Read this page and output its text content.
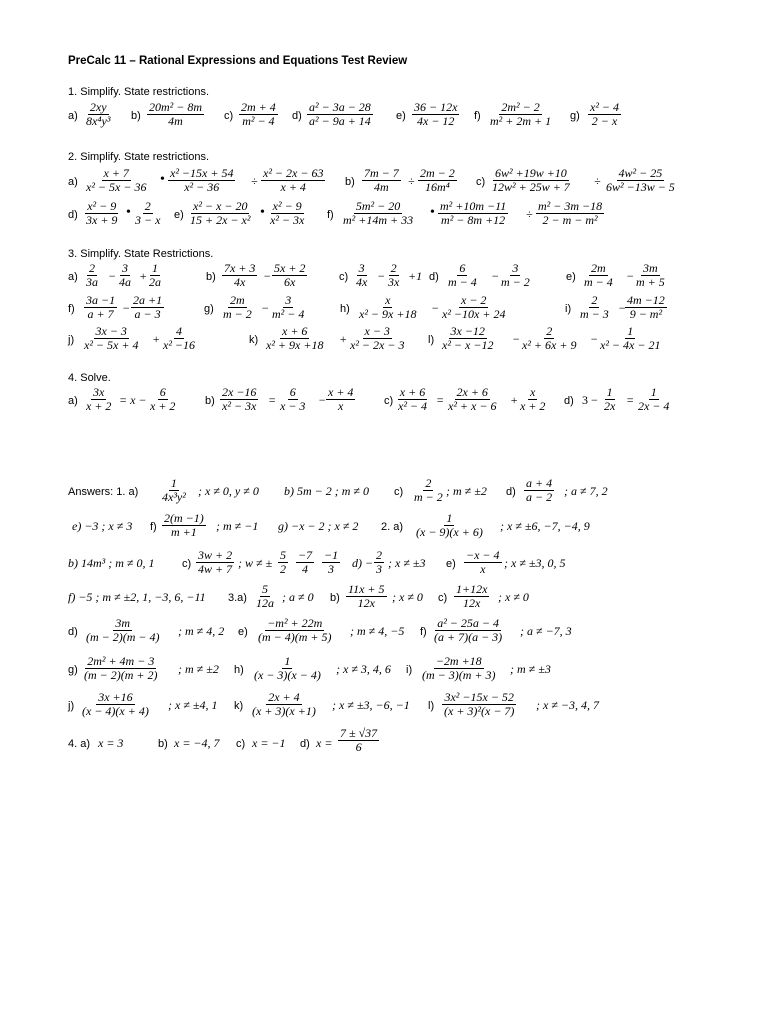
PreCalc 11 – Rational Expressions and Equations Test Review
1. Simplify. State restrictions.
$a) \frac{2xy}{\text{8x⁴y³}} b) \frac{\text{20m² − 8m}}{4m} c) \frac{2m + 4}{\text{m² − 4}} d) \frac{\text{a² − 3a − 28}}{\text{a² − 9a + 14}} e) \frac{36 - 12x}{4x - 12} f) \frac{\text{2m² − 2}}{\text{m² + 2m + 1}} g) \frac{\text{x² − 4}}{2 - x}$
2. Simplify. State restrictions.
$a) \frac{x + 7}{\text{x² − 5x − 36}}$ • $\frac{\text{x² −15x + 54}}{\text{x² − 36}} \div \frac{\text{x² − 2x − 63}}{x + 4} b) \frac{7m - 7}{4m} \div \frac{2m - 2}{\text{16m⁴}} c) \frac{\text{6w² +19w +10}}{\text{12w² + 25w + 7}} \div \frac{\text{4w² − 25}}{\text{6w² −13w − 5}}$
$d) \frac{\text{x² − 9}}{3x + 9}$ • $\frac{2}{3 - x} e) \frac{\text{x² − x − 20}}{\text{15 + 2x − x²}}$ • $\frac{\text{x² − 9}}{\text{x² − 3x}} f) \frac{\text{5m² − 20}}{\text{m² +14m + 33}}$ • $\frac{\text{m² +10m −11}}{\text{m² − 8m +12}} \div \frac{\text{m² − 3m −18}}{\text{2 − m − m²}}$
3. Simplify. State Restrictions.
$a) \frac{2}{3a} - \frac{3}{4a} + \frac{1}{2a}$	$b) \frac{7x + 3}{4x} - \frac{5x + 2}{6x}$	$c) \frac{3}{4x} - \frac{2}{3x} +1$ $d) \frac{6}{m - 4} - \frac{3}{m - 2}$	$e) \frac{2m}{m - 4} - \frac{3m}{m + 5}$
$f) \frac{3a -1}{a + 7} - \frac{2a +1}{a - 3}$	$g) \frac{2m}{m - 2} - \frac{3}{\text{m² − 4}}$	$h) \frac{x}{\text{x² − 9x +18}} - \frac{x - 2}{\text{x² −10x + 24}}$	$i) \frac{2}{m - 3}$ −
$\frac{4m -12}{\text{9 − m²}}$
$j) \frac{3x - 3}{\text{x² − 5x + 4}} + \frac{4}{\text{x² −16}}$	$k) \frac{x + 6}{\text{x² + 9x +18}} + \frac{x - 3}{\text{x² − 2x − 3}} l) \frac{3x -12}{\text{x² − x −12}} - \frac{2}{\text{x² + 6x + 9}} - \frac{1}{\text{x² − 4x − 21}}$
4. Solve.
$a) \frac{3x}{x + 2} = x - \frac{6}{x + 2}$	$b) \frac{2x -16}{\text{x² − 3x}} = \frac{6}{x - 3} - \frac{x + 4}{x}$	$c) \frac{x + 6}{\text{x² − 4}} = \frac{2x + 6}{\text{x² + x − 6}} + \frac{x}{x + 2} d$) $3 - \frac{1}{2x} = \frac{1}{2x - 4}$
Answers: 1. $a) \frac{1}{\text{4x³y²}}$ ; x ≠ 0, y ≠ 0 b) 5m − 2 ; m ≠ 0 $c) \frac{2}{m - 2}$ ; m ≠ ±2 $d) \frac{a + 4}{a - 2}$ ; a ≠ 7, 2
e) −3 ; x ≠ 3 $f) \frac{2(m -1)}{m +1}$ ; m ≠ −1 g) −x − 2 ; x ≠ 2 2. $a) \frac{1}{(x - 9)(x + 6)}$ ; x ≠ ±6, −7, −4, 9
b) 14m³ ; m ≠ 0, 1 $c) \frac{3w + 2}{4w + 7}$ ; w ≠ ± $\frac{5}{2} \frac{-7}{4} \frac{-1}{3} d) - \frac{2}{3}$ ; x ≠ ±3 $e) \frac{-x - 4}{x}$ ; x ≠ ±3, 0, 5
f) −5 ; m ≠ ±2, 1, −3, 6, −11 $3.a) \frac{5}{12a}$ ; a ≠ 0 $b) \frac{11x + 5}{12x}$ ; x ≠ 0 $c) \frac{1+12x}{12x}$ ; x ≠ 0
$d) \frac{3m}{(m - 2)(m - 4)}$ ; m ≠ 4, 2 $e) \frac{\text{−m² + 22m}}{(m - 4)(m + 5)}$ ; m ≠ 4, −5 $f) \frac{\text{a² − 25a − 4}}{(a + 7)(a - 3)}$ ; a ≠ −7, 3
$g) \frac{\text{2m² + 4m − 3}}{(m - 2)(m + 2)}$ ; m ≠ ±2 $h) \frac{1}{(x - 3)(x - 4)}$ ; x ≠ 3, 4, 6 $i) \frac{-2m +18}{(m - 3)(m + 3)}$ ; m ≠ ±3
$j) \frac{3x +16}{(x - 4)(x + 4)}$ ; x ≠ ±4, 1 $k) \frac{2x + 4}{(x + 3)(x +1)}$ ; x ≠ ±3, −6, −1 $l) \frac{\text{3x² −15x − 52}}{\text{(x + 3)²(x − 7)}}$ ; x ≠ −3, 4, 7
4. a) x = 3	b) x = −4, 7 c) x = −1 d) $x = \frac{7 \pm √37}{6}$
